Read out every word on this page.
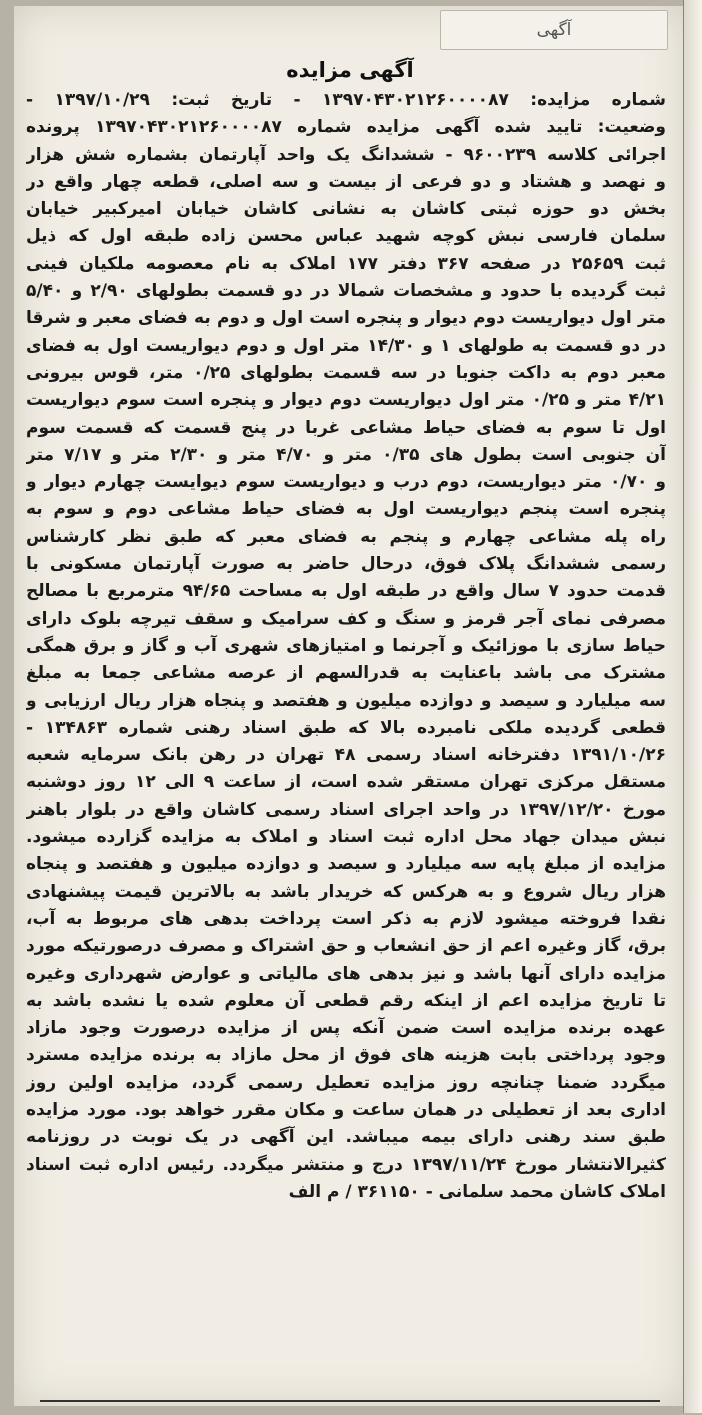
آگهی
آگهی مزایده
شماره مزایده: ۱۳۹۷۰۴۳۰۲۱۲۶۰۰۰۰۸۷ - تاریخ ثبت: ۱۳۹۷/۱۰/۲۹ -
وضعیت: تایید شده آگهی مزایده شماره ۱۳۹۷۰۴۳۰۲۱۲۶۰۰۰۰۸۷ پرونده
اجرائی کلاسه ۹۶۰۰۲۳۹ - ششدانگ یک واحد آپارتمان بشماره شش هزار
و نهصد و هشتاد و دو فرعی از بیست و سه اصلی، قطعه چهار واقع در
بخش دو حوزه ثبتی کاشان به نشانی کاشان خیابان امیرکبیر خیابان
سلمان فارسی نبش کوچه شهید عباس محسن زاده طبقه اول که ذیل
ثبت ۲۵۶۵۹ در صفحه ۳۶۷ دفتر ۱۷۷ املاک به نام معصومه ملکیان فینی
ثبت گردیده با حدود و مشخصات شمالا در دو قسمت بطولهای ۲/۹۰ و ۵/۴۰
متر اول دیواریست دوم دیوار و پنجره است اول و دوم به فضای معبر و شرقا
در دو قسمت به طولهای ۱ و ۱۴/۳۰ متر اول و دوم دیواریست اول به فضای
معبر دوم به داکت جنوبا در سه قسمت بطولهای ۰/۲۵ متر، قوس بیرونی
۴/۲۱ متر و ۰/۲۵ متر اول دیواریست دوم دیوار و پنجره است سوم دیواریست
اول تا سوم به فضای حیاط مشاعی غربا در پنج قسمت که قسمت سوم
آن جنوبی است بطول های ۰/۳۵ متر و ۴/۷۰ متر و ۲/۳۰ متر و ۷/۱۷ متر
و ۰/۷۰ متر دیواریست، دوم درب و دیواریست سوم دیوایست چهارم دیوار و
پنجره است پنجم دیواریست اول به فضای حیاط مشاعی دوم و سوم به
راه پله مشاعی چهارم و پنجم به فضای معبر که طبق نظر کارشناس
رسمی ششدانگ پلاک فوق، درحال حاضر به صورت آپارتمان مسکونی با
قدمت حدود ۷ سال واقع در طبقه اول به مساحت ۹۴/۶۵ مترمربع با مصالح
مصرفی نمای آجر قرمز و سنگ و کف سرامیک و سقف تیرچه بلوک دارای
حیاط سازی با موزائیک و آجرنما و امتیازهای شهری آب و گاز و برق همگی
مشترک می باشد باعنایت به قدرالسهم از عرصه مشاعی جمعا به مبلغ
سه میلیارد و سیصد و دوازده میلیون و هفتصد و پنجاه هزار ریال ارزیابی و
قطعی گردیده ملکی نامبرده بالا که طبق اسناد رهنی شماره ۱۳۴۸۶۳ -
۱۳۹۱/۱۰/۲۶ دفترخانه اسناد رسمی ۴۸ تهران در رهن بانک سرمایه شعبه
مستقل مرکزی تهران مستقر شده است، از ساعت ۹ الی ۱۲ روز دوشنبه
مورخ ۱۳۹۷/۱۲/۲۰ در واحد اجرای اسناد رسمی کاشان واقع در بلوار باهنر
نبش میدان جهاد محل اداره ثبت اسناد و املاک به مزایده گزارده میشود.
مزایده از مبلغ پایه سه میلیارد و سیصد و دوازده میلیون و هفتصد و پنجاه
هزار ریال شروع و به هرکس که خریدار باشد به بالاترین قیمت پیشنهادی
نقدا فروخته میشود لازم به ذکر است پرداخت بدهی های مربوط به آب،
برق، گاز وغیره اعم از حق انشعاب و حق اشتراک و مصرف درصورتیکه مورد
مزایده دارای آنها باشد و نیز بدهی های مالیاتی و عوارض شهرداری وغیره
تا تاریخ مزایده اعم از اینکه رقم قطعی آن معلوم شده یا نشده باشد به
عهده برنده مزایده است ضمن آنکه پس از مزایده درصورت وجود مازاد
وجود پرداختی بابت هزینه های فوق از محل مازاد به برنده مزایده مسترد
میگردد ضمنا چنانچه روز مزایده تعطیل رسمی گردد، مزایده اولین روز
اداری بعد از تعطیلی در همان ساعت و مکان مقرر خواهد بود. مورد مزایده
طبق سند رهنی دارای بیمه میباشد. این آگهی در یک نوبت در روزنامه
کثیرالانتشار مورخ ۱۳۹۷/۱۱/۲۴ درج و منتشر میگردد. رئیس اداره ثبت اسناد
املاک کاشان محمد سلمانی - ۳۶۱۱۵۰ / م الف
